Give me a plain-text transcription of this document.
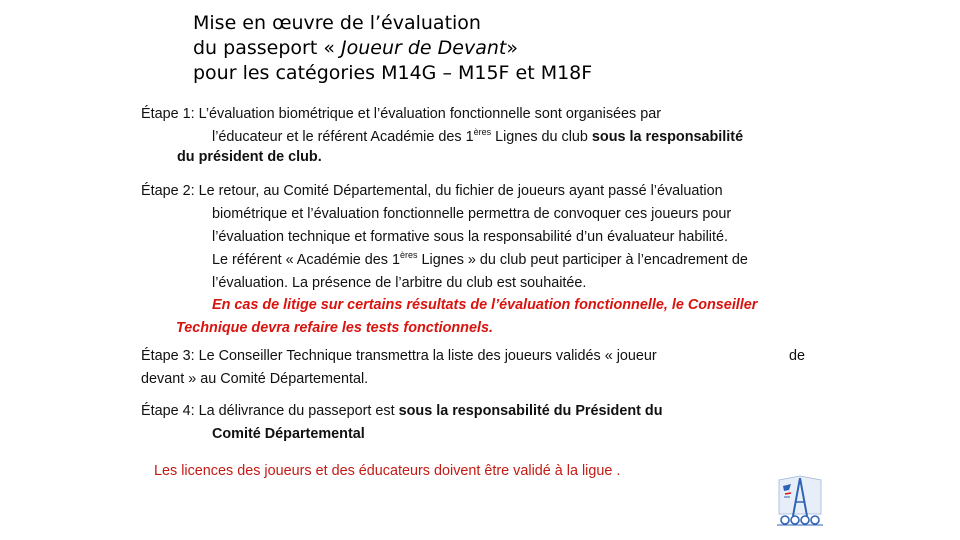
Mise en œuvre de l’évaluation
du passeport « Joueur de Devant»
pour les catégories M14G – M15F et M18F
Étape 1: L’évaluation biométrique et l’évaluation fonctionnelle sont organisées par
l’éducateur et le référent Académie des 1ères Lignes du club sous la responsabilité
du président de club.
Étape 2: Le retour, au Comité Départemental, du fichier de joueurs ayant passé l’évaluation
biométrique et l’évaluation fonctionnelle permettra de convoquer ces joueurs pour
l’évaluation technique et formative sous la responsabilité d’un évaluateur habilité.
Le référent « Académie des 1ères Lignes » du club peut participer à l’encadrement de
l’évaluation. La présence de l’arbitre du club est souhaitée.
En cas de litige sur certains résultats de l’évaluation fonctionnelle, le Conseiller
Technique devra refaire les tests fonctionnels.
Étape 3: Le Conseiller Technique transmettra la liste des joueurs validés « joueur	de
devant » au Comité Départemental.
Étape 4: La délivrance du passeport est sous la responsabilité du Président du
Comité Départemental
Les licences des joueurs et des éducateurs doivent être validé à la ligue .
